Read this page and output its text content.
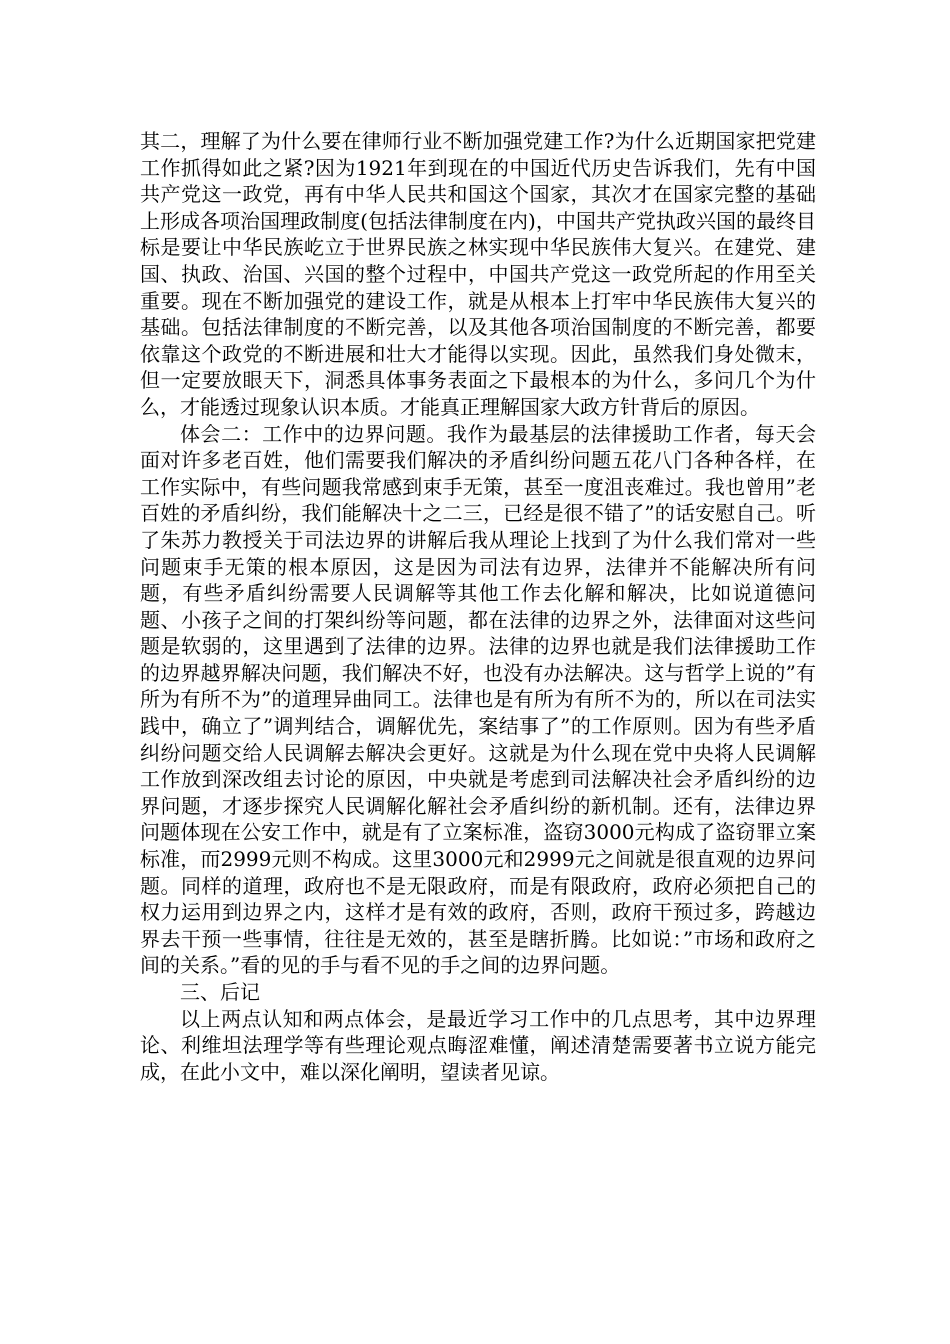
其二，理解了为什么要在律师行业不断加强党建工作?为什么近期国家把党建工作抓得如此之紧?因为1921年到现在的中国近代历史告诉我们，先有中国共产党这一政党，再有中华人民共和国这个国家，其次才在国家完整的基础上形成各项治国理政制度(包括法律制度在内)，中国共产党执政兴国的最终目标是要让中华民族屹立于世界民族之林实现中华民族伟大复兴。在建党、建国、执政、治国、兴国的整个过程中，中国共产党这一政党所起的作用至关重要。现在不断加强党的建设工作，就是从根本上打牢中华民族伟大复兴的基础。包括法律制度的不断完善，以及其他各项治国制度的不断完善，都要依靠这个政党的不断进展和壮大才能得以实现。因此，虽然我们身处微末，但一定要放眼天下，洞悉具体事务表面之下最根本的为什么，多问几个为什么，才能透过现象认识本质。才能真正理解国家大政方针背后的原因。

体会二：工作中的边界问题。我作为最基层的法律援助工作者，每天会面对许多老百姓，他们需要我们解决的矛盾纠纷问题五花八门各种各样，在工作实际中，有些问题我常感到束手无策，甚至一度沮丧难过。我也曾用”老百姓的矛盾纠纷，我们能解决十之二三，已经是很不错了”的话安慰自己。听了朱苏力教授关于司法边界的讲解后我从理论上找到了为什么我们常对一些问题束手无策的根本原因，这是因为司法有边界，法律并不能解决所有问题，有些矛盾纠纷需要人民调解等其他工作去化解和解决，比如说道德问题、小孩子之间的打架纠纷等问题，都在法律的边界之外，法律面对这些问题是软弱的，这里遇到了法律的边界。法律的边界也就是我们法律援助工作的边界越界解决问题，我们解决不好，也没有办法解决。这与哲学上说的”有所为有所不为”的道理异曲同工。法律也是有所为有所不为的，所以在司法实践中，确立了”调判结合，调解优先，案结事了”的工作原则。因为有些矛盾纠纷问题交给人民调解去解决会更好。这就是为什么现在党中央将人民调解工作放到深改组去讨论的原因，中央就是考虑到司法解决社会矛盾纠纷的边界问题，才逐步探究人民调解化解社会矛盾纠纷的新机制。还有，法律边界问题体现在公安工作中，就是有了立案标准，盗窃3000元构成了盗窃罪立案标准，而2999元则不构成。这里3000元和2999元之间就是很直观的边界问题。同样的道理，政府也不是无限政府，而是有限政府，政府必须把自己的权力运用到边界之内，这样才是有效的政府，否则，政府干预过多，跨越边界去干预一些事情，往往是无效的，甚至是瞎折腾。比如说：”市场和政府之间的关系。”看的见的手与看不见的手之间的边界问题。

三、后记

以上两点认知和两点体会，是最近学习工作中的几点思考，其中边界理论、利维坦法理学等有些理论观点晦涩难懂，阐述清楚需要著书立说方能完成，在此小文中，难以深化阐明，望读者见谅。
